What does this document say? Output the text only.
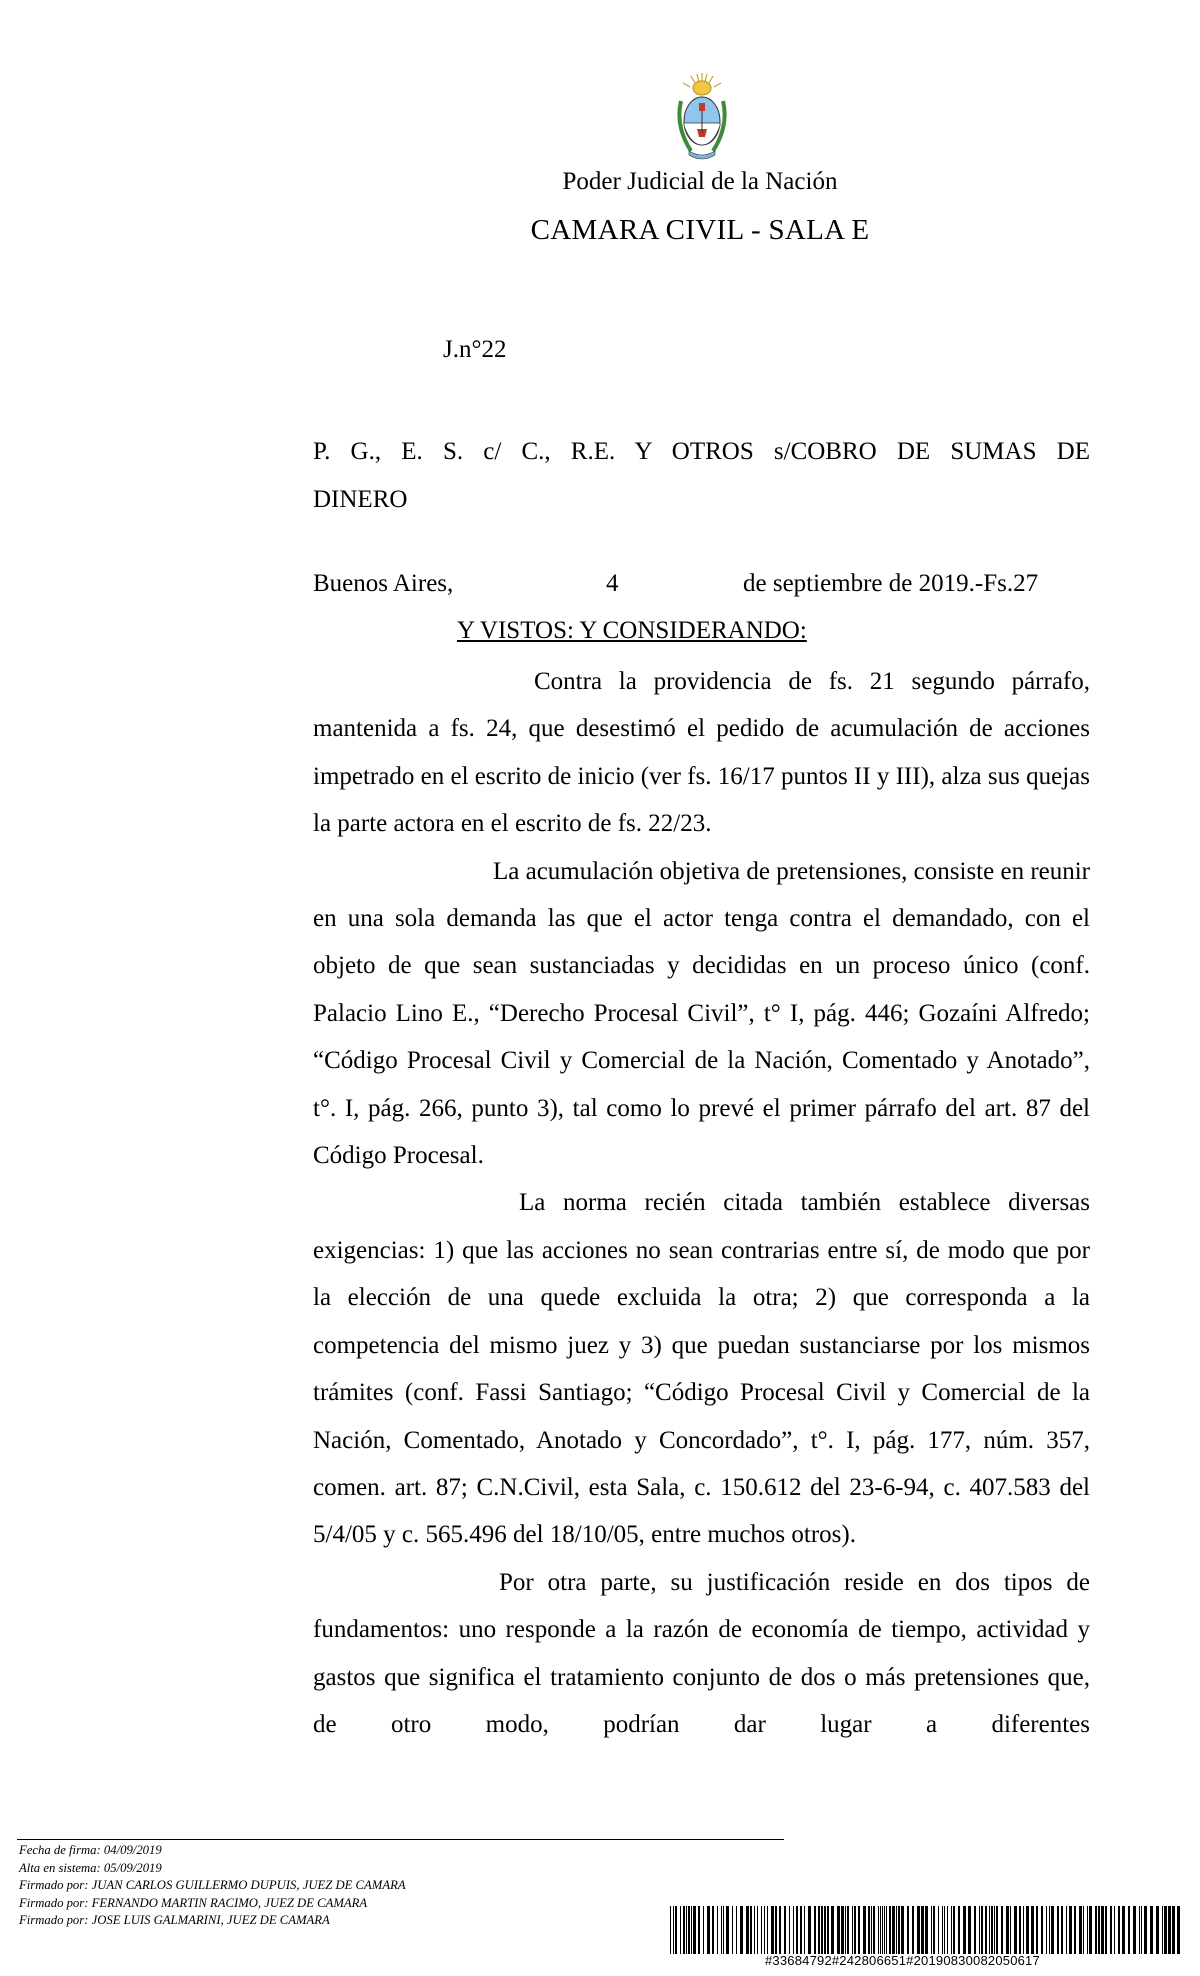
Poder Judicial de la Nación
CAMARA CIVIL - SALA E
J.n°22
P. G., E. S. c/ C., R.E. Y OTROS s/COBRO DE SUMAS DE
DINERO
Buenos Aires,	4	de septiembre de 2019.-Fs.27
Y VISTOS: Y CONSIDERANDO:

Contra la providencia de fs. 21 segundo párrafo, mantenida a fs. 24, que desestimó el pedido de acumulación de acciones impetrado en el escrito de inicio (ver fs. 16/17 puntos II y III), alza sus quejas la parte actora en el escrito de fs. 22/23.

La acumulación objetiva de pretensiones, consiste en reunir en una sola demanda las que el actor tenga contra el demandado, con el objeto de que sean sustanciadas y decididas en un proceso único (conf. Palacio Lino E., “Derecho Procesal Civil”, t° I, pág. 446; Gozaíni Alfredo; “Código Procesal Civil y Comercial de la Nación, Comentado y Anotado”, t°. I, pág. 266, punto 3), tal como lo prevé el primer párrafo del art. 87 del Código Procesal.

La norma recién citada también establece diversas exigencias: 1) que las acciones no sean contrarias entre sí, de modo que por la elección de una quede excluida la otra; 2) que corresponda a la competencia del mismo juez y 3) que puedan sustanciarse por los mismos trámites (conf. Fassi Santiago; “Código Procesal Civil y Comercial de la Nación, Comentado, Anotado y Concordado”, t°. I, pág. 177, núm. 357, comen. art. 87; C.N.Civil, esta Sala, c. 150.612 del 23-6-94, c. 407.583 del 5/4/05 y c. 565.496 del 18/10/05, entre muchos otros).

Por otra parte, su justificación reside en dos tipos de fundamentos: uno responde a la razón de economía de tiempo, actividad y gastos que significa el tratamiento conjunto de dos o más pretensiones que, de otro modo, podrían dar lugar a diferentes

Fecha de firma: 04/09/2019
Alta en sistema: 05/09/2019
Firmado por: JUAN CARLOS GUILLERMO DUPUIS, JUEZ DE CAMARA
Firmado por: FERNANDO MARTIN RACIMO, JUEZ DE CAMARA
Firmado por: JOSE LUIS GALMARINI, JUEZ DE CAMARA
#33684792#242806651#20190830082050617
